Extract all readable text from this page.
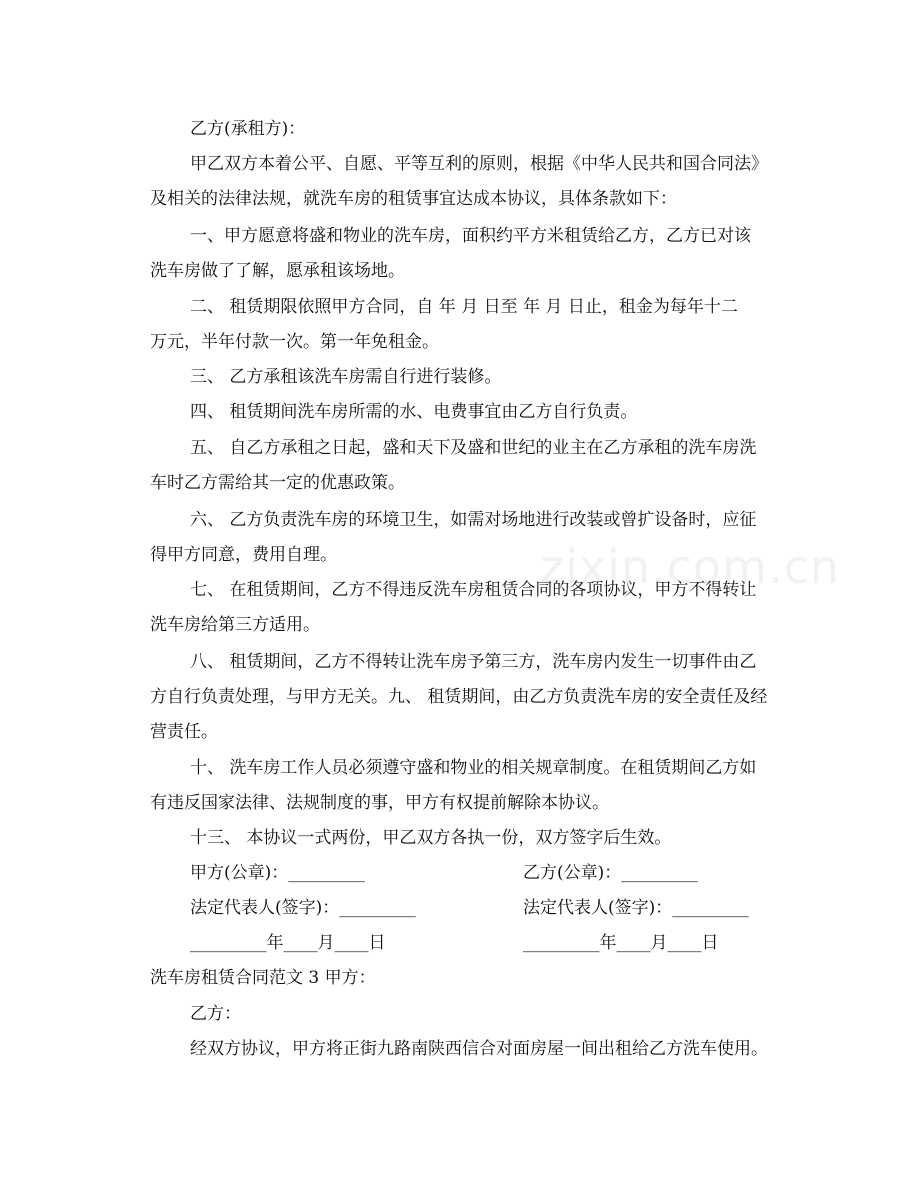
zixin.com.cn
乙方(承租方)：
甲乙双方本着公平、自愿、平等互利的原则，根据《中华人民共和国合同法》
及相关的法律法规，就洗车房的租赁事宜达成本协议，具体条款如下：
一、甲方愿意将盛和物业的洗车房，面积约平方米租赁给乙方，乙方已对该
洗车房做了了解，愿承租该场地。
二、 租赁期限依照甲方合同，自 年 月 日至 年 月 日止，租金为每年十二
万元，半年付款一次。第一年免租金。
三、 乙方承租该洗车房需自行进行装修。
四、 租赁期间洗车房所需的水、电费事宜由乙方自行负责。
五、 自乙方承租之日起，盛和天下及盛和世纪的业主在乙方承租的洗车房洗
车时乙方需给其一定的优惠政策。
六、 乙方负责洗车房的环境卫生，如需对场地进行改装或曾扩设备时，应征
得甲方同意，费用自理。
七、 在租赁期间，乙方不得违反洗车房租赁合同的各项协议，甲方不得转让
洗车房给第三方适用。
八、 租赁期间，乙方不得转让洗车房予第三方，洗车房内发生一切事件由乙
方自行负责处理，与甲方无关。九、 租赁期间，由乙方负责洗车房的安全责任及经
营责任。
十、 洗车房工作人员必须遵守盛和物业的相关规章制度。在租赁期间乙方如
有违反国家法律、法规制度的事，甲方有权提前解除本协议。
十三、 本协议一式两份，甲乙双方各执一份，双方签字后生效。
甲方(公章)：_________	乙方(公章)：_________
法定代表人(签字)：_________	法定代表人(签字)：_________
_________年____月____日	_________年____月____日
洗车房租赁合同范文 3 甲方：
乙方：
经双方协议，甲方将正街九路南陕西信合对面房屋一间出租给乙方洗车使用。
